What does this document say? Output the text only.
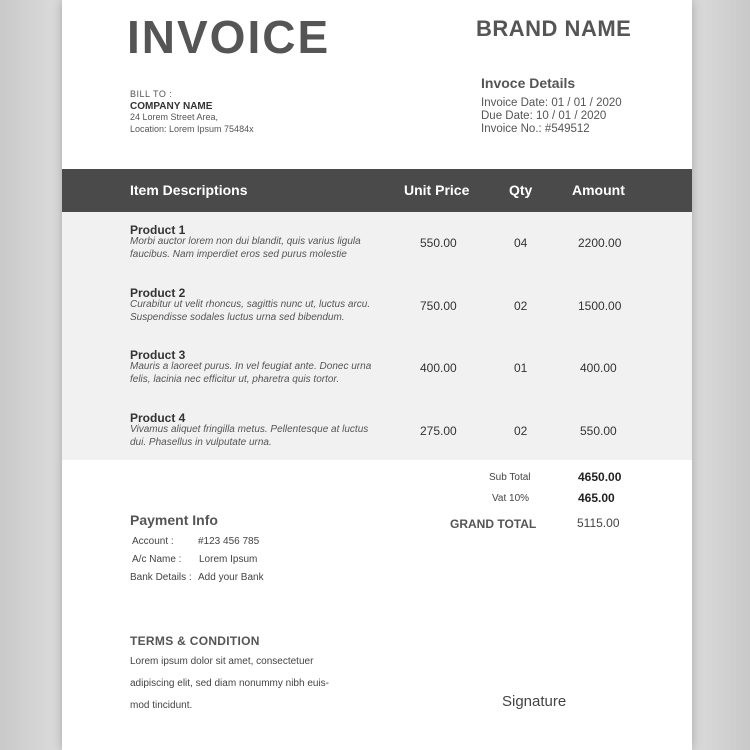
INVOICE	BRAND NAME
BILL TO :
COMPANY NAME
24 Lorem Street Area,
Location: Lorem Ipsum 75484x
Invoce Details
Invoice Date: 01 / 01 / 2020
Due Date: 10 / 01 / 2020
Invoice No.: #549512
Item Descriptions	Unit Price	Qty	Amount
Product 1
Morbi auctor lorem non dui blandit, quis varius ligula
faucibus. Nam imperdiet eros sed purus molestie
550.00	04	2200.00
Product 2
Curabitur ut velit rhoncus, sagittis nunc ut, luctus arcu.
Suspendisse sodales luctus urna sed bibendum.
750.00	02	1500.00
Product 3
Mauris a laoreet purus. In vel feugiat ante. Donec urna
felis, lacinia nec efficitur ut, pharetra quis tortor.
400.00	01	400.00
Product 4
Vivamus aliquet fringilla metus. Pellentesque at luctus
dui. Phasellus in vulputate urna.
275.00	02	550.00
Sub Total	4650.00
Vat 10%	465.00
GRAND TOTAL	5115.00
Payment Info
Account : #123 456 785
A/c Name : Lorem Ipsum
Bank Details : Add your Bank
TERMS & CONDITION
Lorem ipsum dolor sit amet, consectetuer
adipiscing elit, sed diam nonummy nibh euis-
mod tincidunt.	Signature
